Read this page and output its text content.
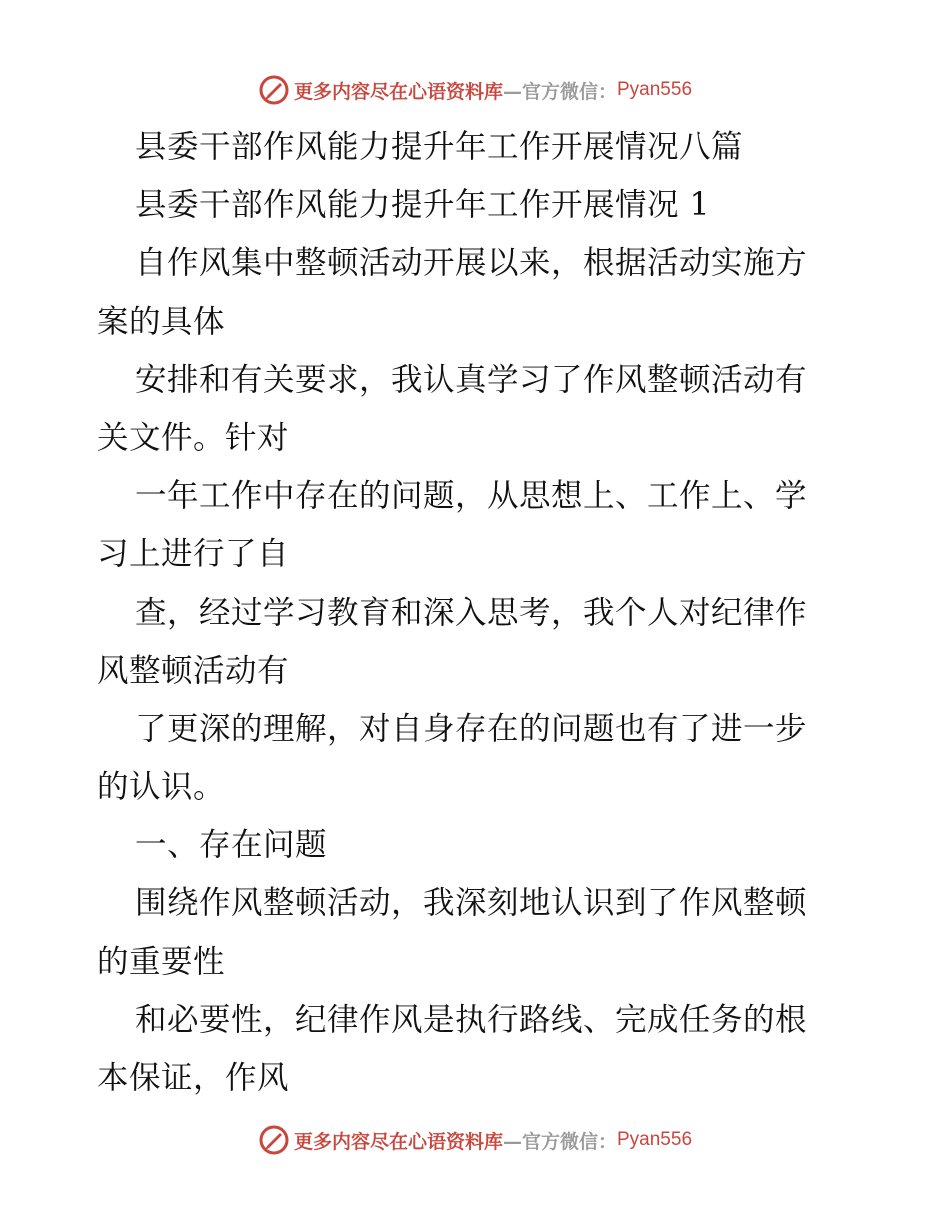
更多内容尽在心语资料库 —官方微信： Pyan556
县委干部作风能力提升年工作开展情况八篇
县委干部作风能力提升年工作开展情况 1
自作风集中整顿活动开展以来，根据活动实施方
案的具体
安排和有关要求，我认真学习了作风整顿活动有
关文件。针对
一年工作中存在的问题，从思想上、工作上、学
习上进行了自
查，经过学习教育和深入思考，我个人对纪律作
风整顿活动有
了更深的理解，对自身存在的问题也有了进一步
的认识。
一、存在问题
围绕作风整顿活动，我深刻地认识到了作风整顿
的重要性
和必要性，纪律作风是执行路线、完成任务的根
本保证，作风
更多内容尽在心语资料库 —官方微信： Pyan556
